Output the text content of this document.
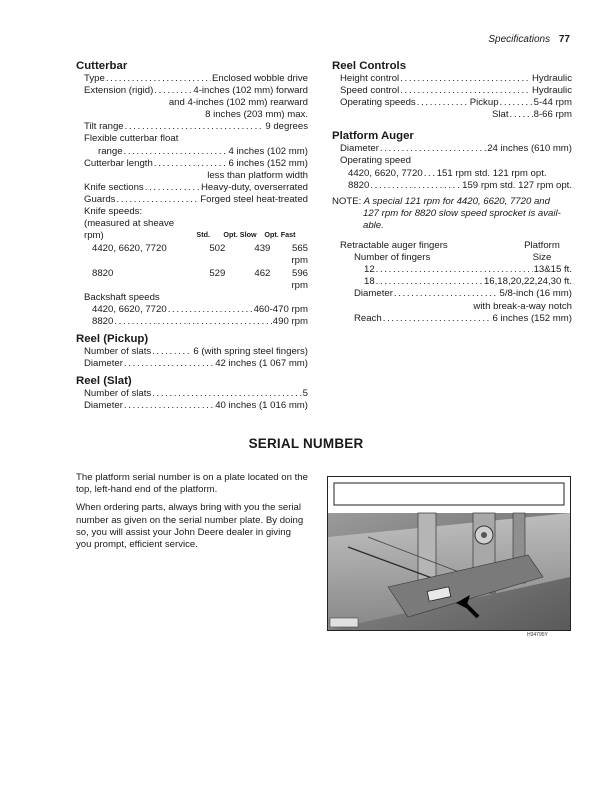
Specifications 77
Cutterbar
Type . . .	Enclosed wobble drive
Extension (rigid) . . .	4-inches (102 mm) forward
and 4-inches (102 mm) rearward
8 inches (203 mm) max.
Tilt range . . .	9 degrees
Flexible cutterbar float
range . . .	4 inches (102 mm)
Cutterbar length . . .	6 inches (152 mm)
less than platform width
Knife sections . . .	Heavy-duty, overserrated
Guards . . .	Forged steel heat-treated
Knife speeds:
(measured at sheave
rpm)	Std.	Opt. Slow	Opt. Fast
4420, 6620, 7720	502	439	565 rpm
8820	529	462	596 rpm
Backshaft speeds
4420, 6620, 7720 . . .	460-470 rpm
8820 . . .	490 rpm
Reel (Pickup)
Number of slats . . .	6 (with spring steel fingers)
Diameter . . .	42 inches (1 067 mm)
Reel (Slat)
Number of slats . . .	5
Diameter . . .	40 inches (1 016 mm)
Reel Controls
Height control . . .	Hydraulic
Speed control . . .	Hydraulic
Operating speeds . . .	Pickup . . .	5-44 rpm
Slat . . .	8-66 rpm
Platform Auger
Diameter . . .	24 inches (610 mm)
Operating speed
4420, 6620, 7720 . . . 151 rpm std. 121 rpm opt.
8820 . . .	159 rpm std. 127 rpm opt.
NOTE: A special 121 rpm for 4420, 6620, 7720 and
127 rpm for 8820 slow speed sprocket is avail-
able.
Retractable auger fingers	Platform
Number of fingers	Size
12 . . .	13&15 ft.
18 . . .	16,18,20,22,24,30 ft.
Diameter . . .	5/8-inch (16 mm)
with break-a-way notch
Reach . . .	6 inches (152 mm)
SERIAL NUMBER

The platform serial number is on a plate located on the top, left-hand end of the platform.

When ordering parts, always bring with you the serial number as given on the serial number plate. By doing so, you will assist your John Deere dealer in giving you prompt, efficient service.

H34795Y
